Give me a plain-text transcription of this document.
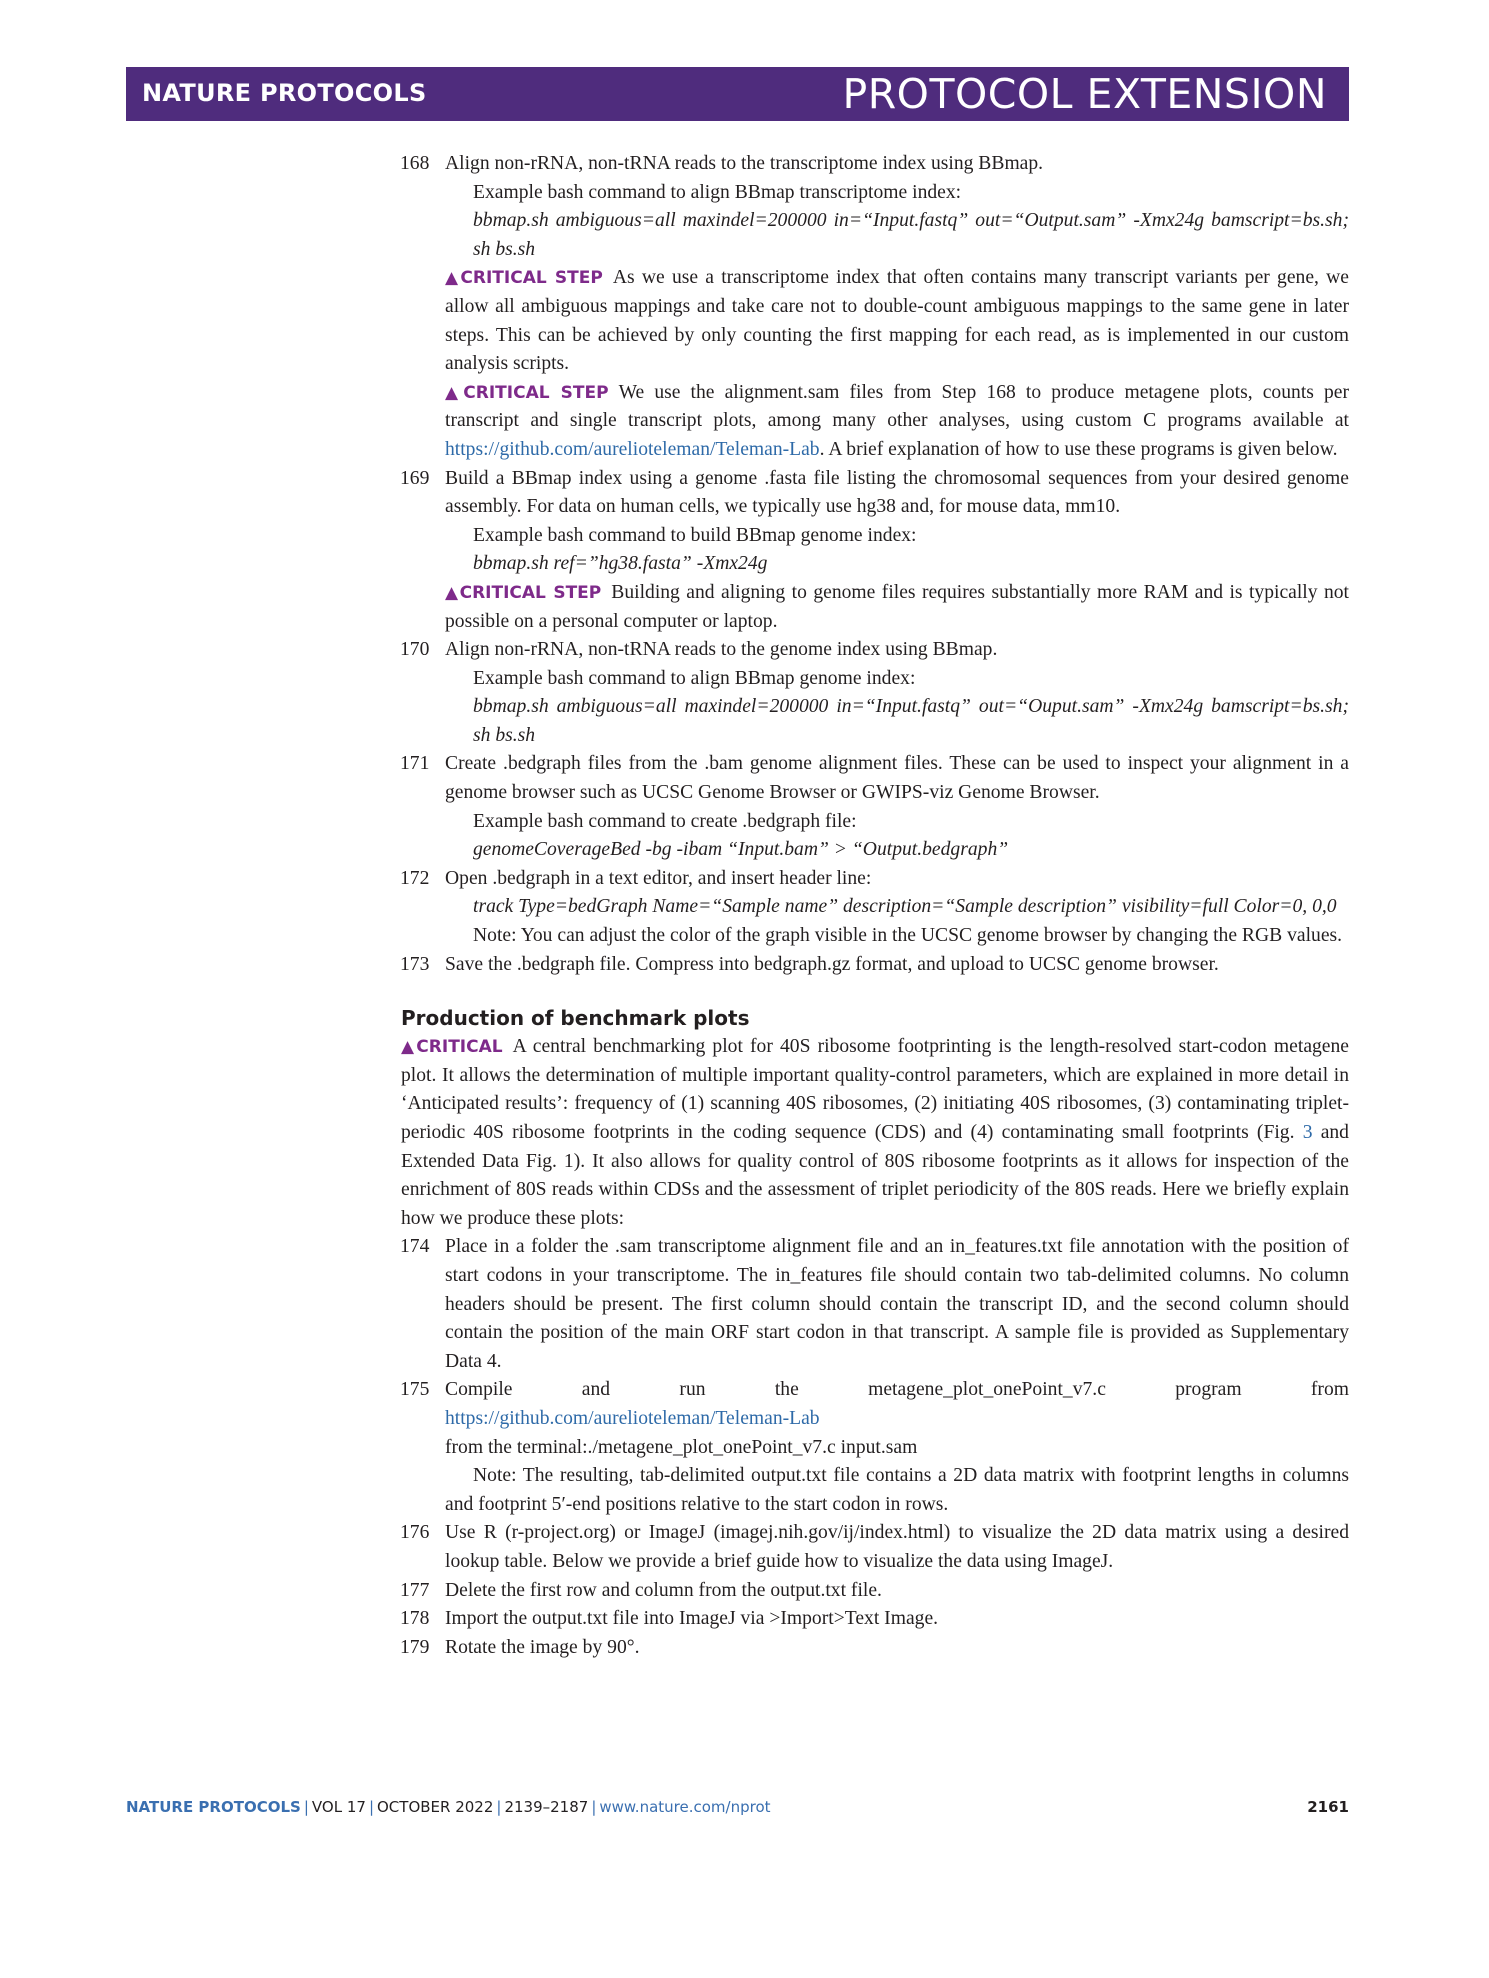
NATURE PROTOCOLS	PROTOCOL EXTENSION
168 Align non-rRNA, non-tRNA reads to the transcriptome index using BBmap.
Example bash command to align BBmap transcriptome index:
bbmap.sh ambiguous=all maxindel=200000 in=“Input.fastq” out=“Output.sam” -Xmx24g bamscript=bs.sh; sh bs.sh
▲CRITICAL STEP As we use a transcriptome index that often contains many transcript variants per gene, we allow all ambiguous mappings and take care not to double-count ambiguous mappings to the same gene in later steps. This can be achieved by only counting the first mapping for each read, as is implemented in our custom analysis scripts.
▲CRITICAL STEP We use the alignment.sam files from Step 168 to produce metagene plots, counts per transcript and single transcript plots, among many other analyses, using custom C programs available at https://github.com/aurelioteleman/Teleman-Lab. A brief explanation of how to use these programs is given below.
169 Build a BBmap index using a genome .fasta file listing the chromosomal sequences from your desired genome assembly. For data on human cells, we typically use hg38 and, for mouse data, mm10.
Example bash command to build BBmap genome index:
bbmap.sh ref=”hg38.fasta” -Xmx24g
▲CRITICAL STEP Building and aligning to genome files requires substantially more RAM and is typically not possible on a personal computer or laptop.
170 Align non-rRNA, non-tRNA reads to the genome index using BBmap.
Example bash command to align BBmap genome index:
bbmap.sh ambiguous=all maxindel=200000 in=“Input.fastq” out=“Ouput.sam” -Xmx24g bamscript=bs.sh; sh bs.sh
171 Create .bedgraph files from the .bam genome alignment files. These can be used to inspect your alignment in a genome browser such as UCSC Genome Browser or GWIPS-viz Genome Browser.
Example bash command to create .bedgraph file:
genomeCoverageBed -bg -ibam “Input.bam” > “Output.bedgraph”
172 Open .bedgraph in a text editor, and insert header line:
track Type=bedGraph Name=“Sample name” description=“Sample description” visibility=full Color=0, 0,0
Note: You can adjust the color of the graph visible in the UCSC genome browser by changing the RGB values.
173 Save the .bedgraph file. Compress into bedgraph.gz format, and upload to UCSC genome browser.
Production of benchmark plots
▲CRITICAL A central benchmarking plot for 40S ribosome footprinting is the length-resolved start-codon metagene plot. It allows the determination of multiple important quality-control parameters, which are explained in more detail in ‘Anticipated results’: frequency of (1) scanning 40S ribosomes, (2) initiating 40S ribosomes, (3) contaminating triplet-periodic 40S ribosome footprints in the coding sequence (CDS) and (4) contaminating small footprints (Fig. 3 and Extended Data Fig. 1). It also allows for quality control of 80S ribosome footprints as it allows for inspection of the enrichment of 80S reads within CDSs and the assessment of triplet periodicity of the 80S reads. Here we briefly explain how we produce these plots:
174 Place in a folder the .sam transcriptome alignment file and an in_features.txt file annotation with the position of start codons in your transcriptome. The in_features file should contain two tab-delimited columns. No column headers should be present. The first column should contain the transcript ID, and the second column should contain the position of the main ORF start codon in that transcript. A sample file is provided as Supplementary Data 4.
175 Compile and run the metagene_plot_onePoint_v7.c program from https://github.com/aurelioteleman/Teleman-Lab
from the terminal:./metagene_plot_onePoint_v7.c input.sam
Note: The resulting, tab-delimited output.txt file contains a 2D data matrix with footprint lengths in columns and footprint 5′-end positions relative to the start codon in rows.
176 Use R (r-project.org) or ImageJ (imagej.nih.gov/ij/index.html) to visualize the 2D data matrix using a desired lookup table. Below we provide a brief guide how to visualize the data using ImageJ.
177 Delete the first row and column from the output.txt file.
178 Import the output.txt file into ImageJ via >Import>Text Image.
179 Rotate the image by 90°.
NATURE PROTOCOLS | VOL 17 | OCTOBER 2022 | 2139–2187 | www.nature.com/nprot	2161
